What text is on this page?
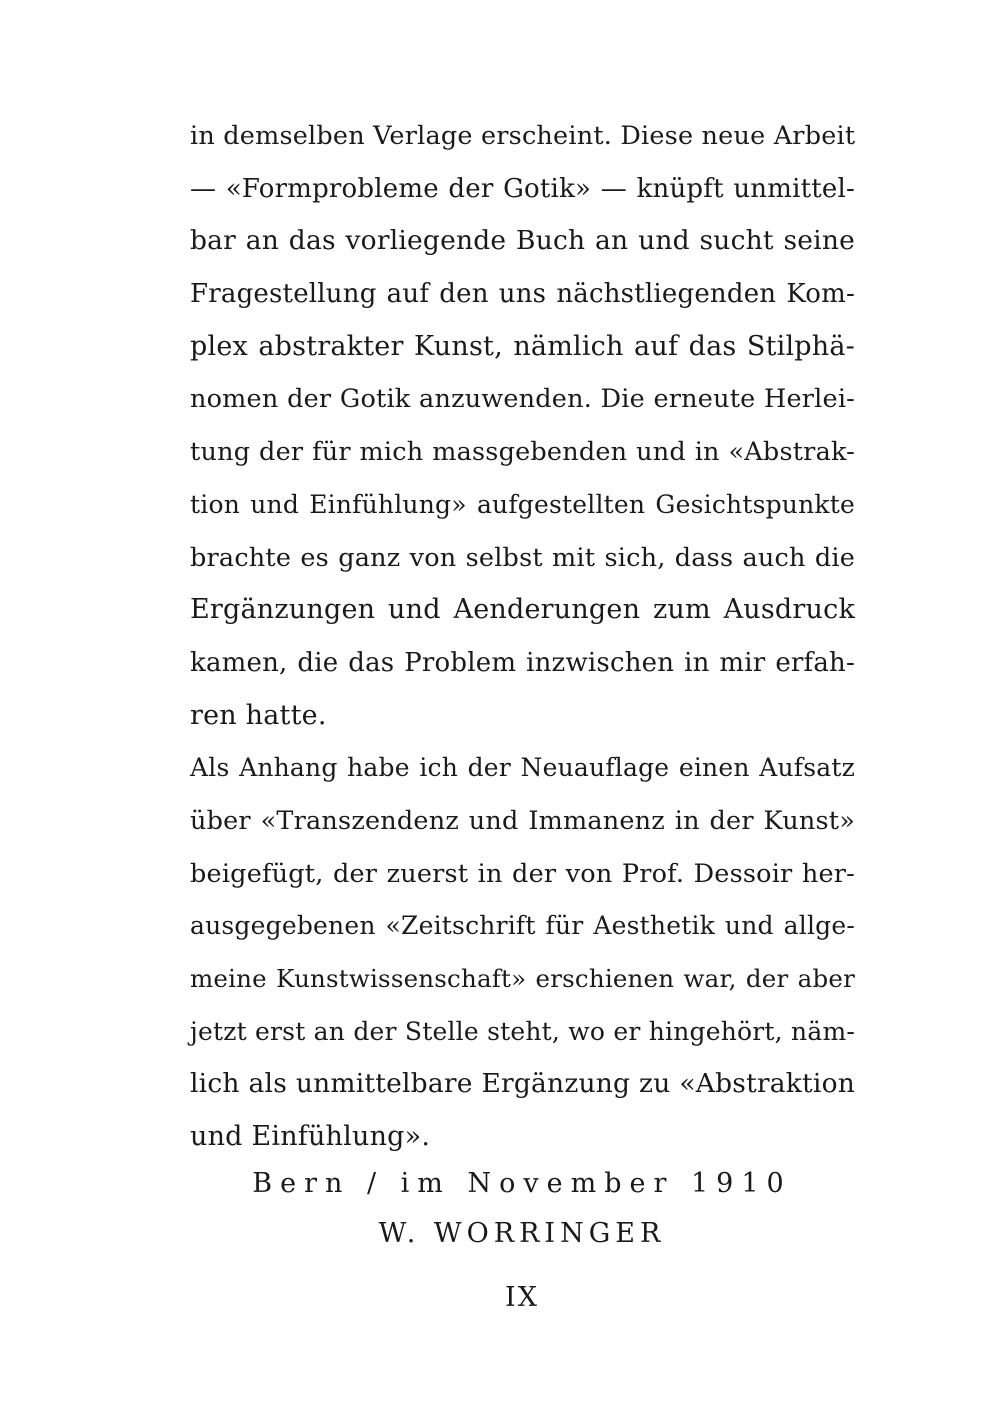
in demselben Verlage erscheint. Diese neue Arbeit
— «Formprobleme der Gotik» — knüpft unmittel-
bar an das vorliegende Buch an und sucht seine
Fragestellung auf den uns nächstliegenden Kom-
plex abstrakter Kunst, nämlich auf das Stilphä-
nomen der Gotik anzuwenden. Die erneute Herlei-
tung der für mich massgebenden und in «Abstrak-
tion und Einfühlung» aufgestellten Gesichtspunkte
brachte es ganz von selbst mit sich, dass auch die
Ergänzungen und Aenderungen zum Ausdruck
kamen, die das Problem inzwischen in mir erfah-
ren hatte.
Als Anhang habe ich der Neuauflage einen Aufsatz
über «Transzendenz und Immanenz in der Kunst»
beigefügt, der zuerst in der von Prof. Dessoir her-
ausgegebenen «Zeitschrift für Aesthetik und allge-
meine Kunstwissenschaft» erschienen war, der aber
jetzt erst an der Stelle steht, wo er hingehört, näm-
lich als unmittelbare Ergänzung zu «Abstraktion
und Einfühlung».
Bern / im November 1910
W. WORRINGER
IX
